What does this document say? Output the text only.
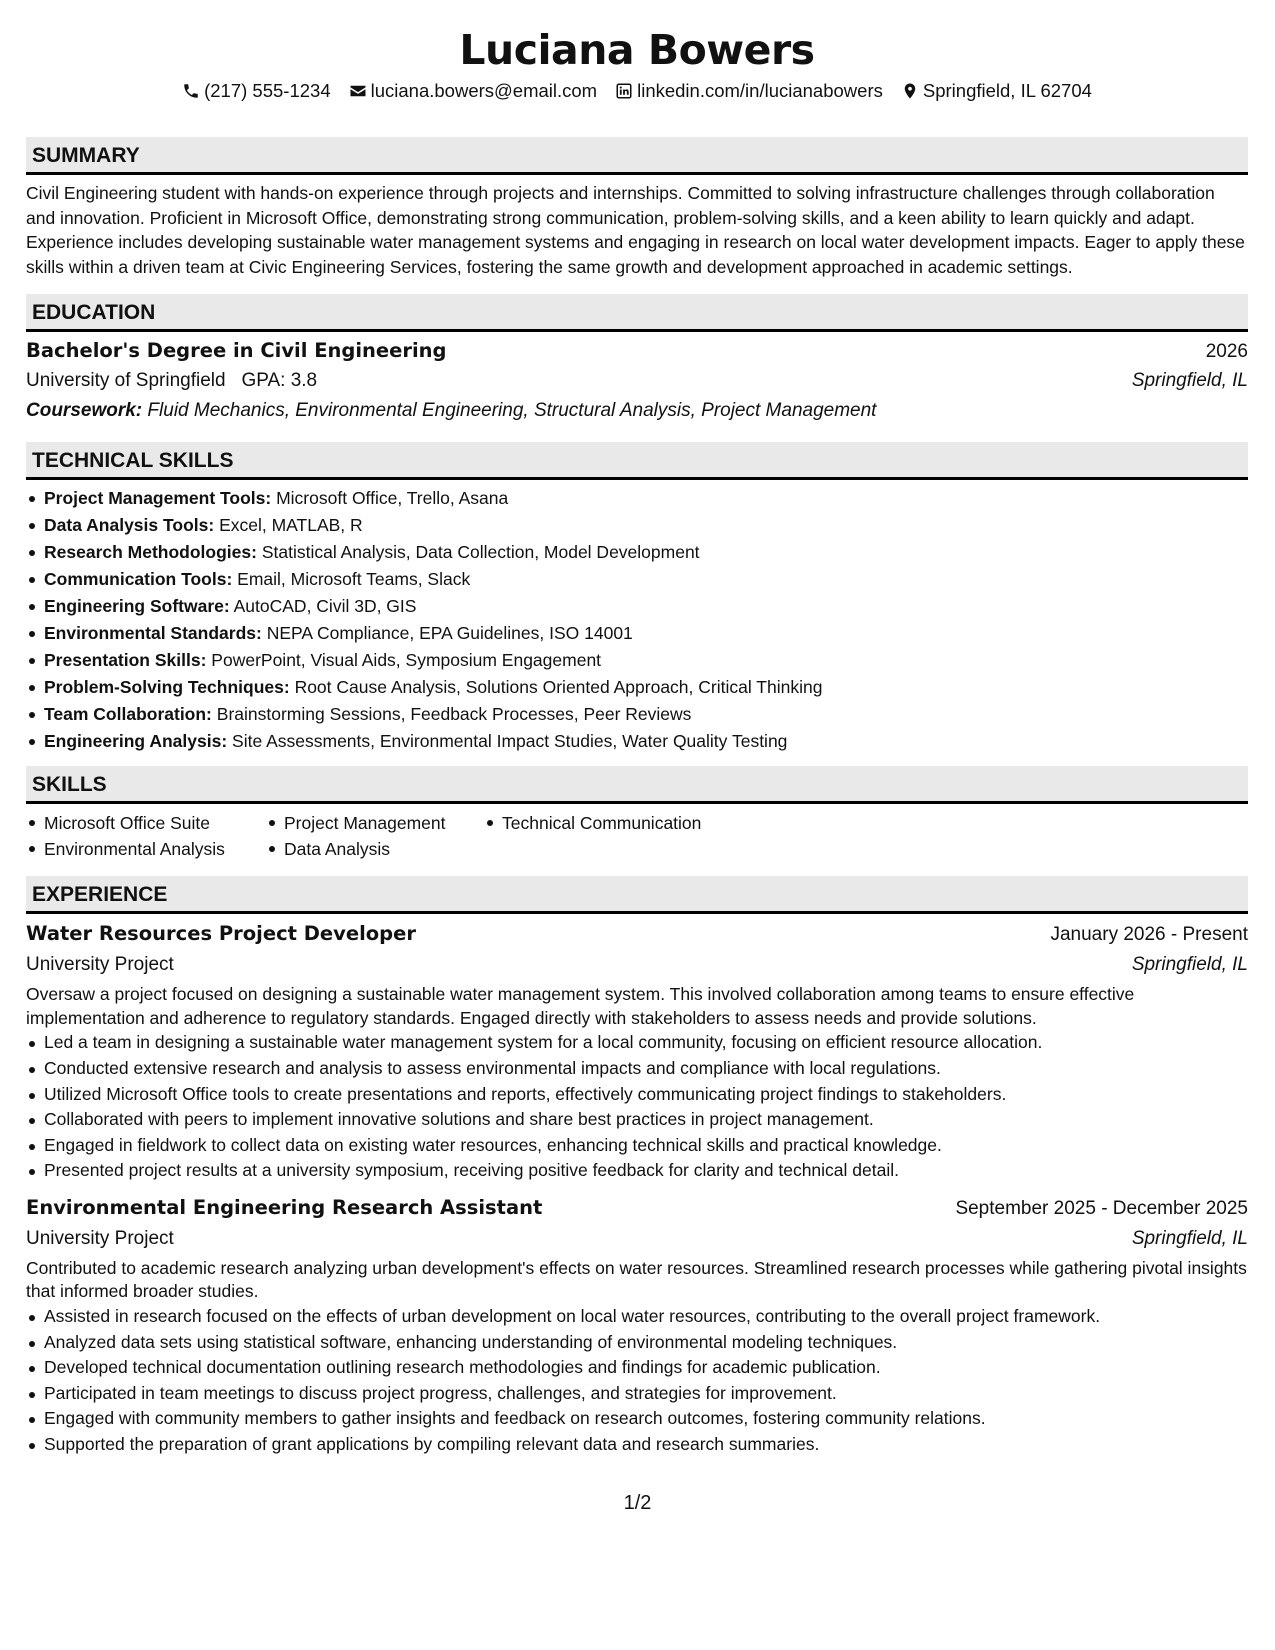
Luciana Bowers
(217) 555-1234 luciana.bowers@email.com linkedin.com/in/lucianabowers Springfield, IL 62704
SUMMARY
Civil Engineering student with hands-on experience through projects and internships. Committed to solving infrastructure challenges through collaboration and innovation. Proficient in Microsoft Office, demonstrating strong communication, problem-solving skills, and a keen ability to learn quickly and adapt. Experience includes developing sustainable water management systems and engaging in research on local water development impacts. Eager to apply these skills within a driven team at Civic Engineering Services, fostering the same growth and development approached in academic settings.
EDUCATION
Bachelor's Degree in Civil Engineering	2026
University of Springfield GPA: 3.8	Springfield, IL
Coursework: Fluid Mechanics, Environmental Engineering, Structural Analysis, Project Management
TECHNICAL SKILLS
Project Management Tools: Microsoft Office, Trello, Asana
Data Analysis Tools: Excel, MATLAB, R
Research Methodologies: Statistical Analysis, Data Collection, Model Development
Communication Tools: Email, Microsoft Teams, Slack
Engineering Software: AutoCAD, Civil 3D, GIS
Environmental Standards: NEPA Compliance, EPA Guidelines, ISO 14001
Presentation Skills: PowerPoint, Visual Aids, Symposium Engagement
Problem-Solving Techniques: Root Cause Analysis, Solutions Oriented Approach, Critical Thinking
Team Collaboration: Brainstorming Sessions, Feedback Processes, Peer Reviews
Engineering Analysis: Site Assessments, Environmental Impact Studies, Water Quality Testing
SKILLS
Microsoft Office Suite	Project Management	Technical Communication
Environmental Analysis	Data Analysis
EXPERIENCE
Water Resources Project Developer	January 2026 - Present
University Project	Springfield, IL
Oversaw a project focused on designing a sustainable water management system. This involved collaboration among teams to ensure effective implementation and adherence to regulatory standards. Engaged directly with stakeholders to assess needs and provide solutions.
Led a team in designing a sustainable water management system for a local community, focusing on efficient resource allocation.
Conducted extensive research and analysis to assess environmental impacts and compliance with local regulations.
Utilized Microsoft Office tools to create presentations and reports, effectively communicating project findings to stakeholders.
Collaborated with peers to implement innovative solutions and share best practices in project management.
Engaged in fieldwork to collect data on existing water resources, enhancing technical skills and practical knowledge.
Presented project results at a university symposium, receiving positive feedback for clarity and technical detail.
Environmental Engineering Research Assistant	September 2025 - December 2025
University Project	Springfield, IL
Contributed to academic research analyzing urban development's effects on water resources. Streamlined research processes while gathering pivotal insights that informed broader studies.
Assisted in research focused on the effects of urban development on local water resources, contributing to the overall project framework.
Analyzed data sets using statistical software, enhancing understanding of environmental modeling techniques.
Developed technical documentation outlining research methodologies and findings for academic publication.
Participated in team meetings to discuss project progress, challenges, and strategies for improvement.
Engaged with community members to gather insights and feedback on research outcomes, fostering community relations.
Supported the preparation of grant applications by compiling relevant data and research summaries.
1/2
